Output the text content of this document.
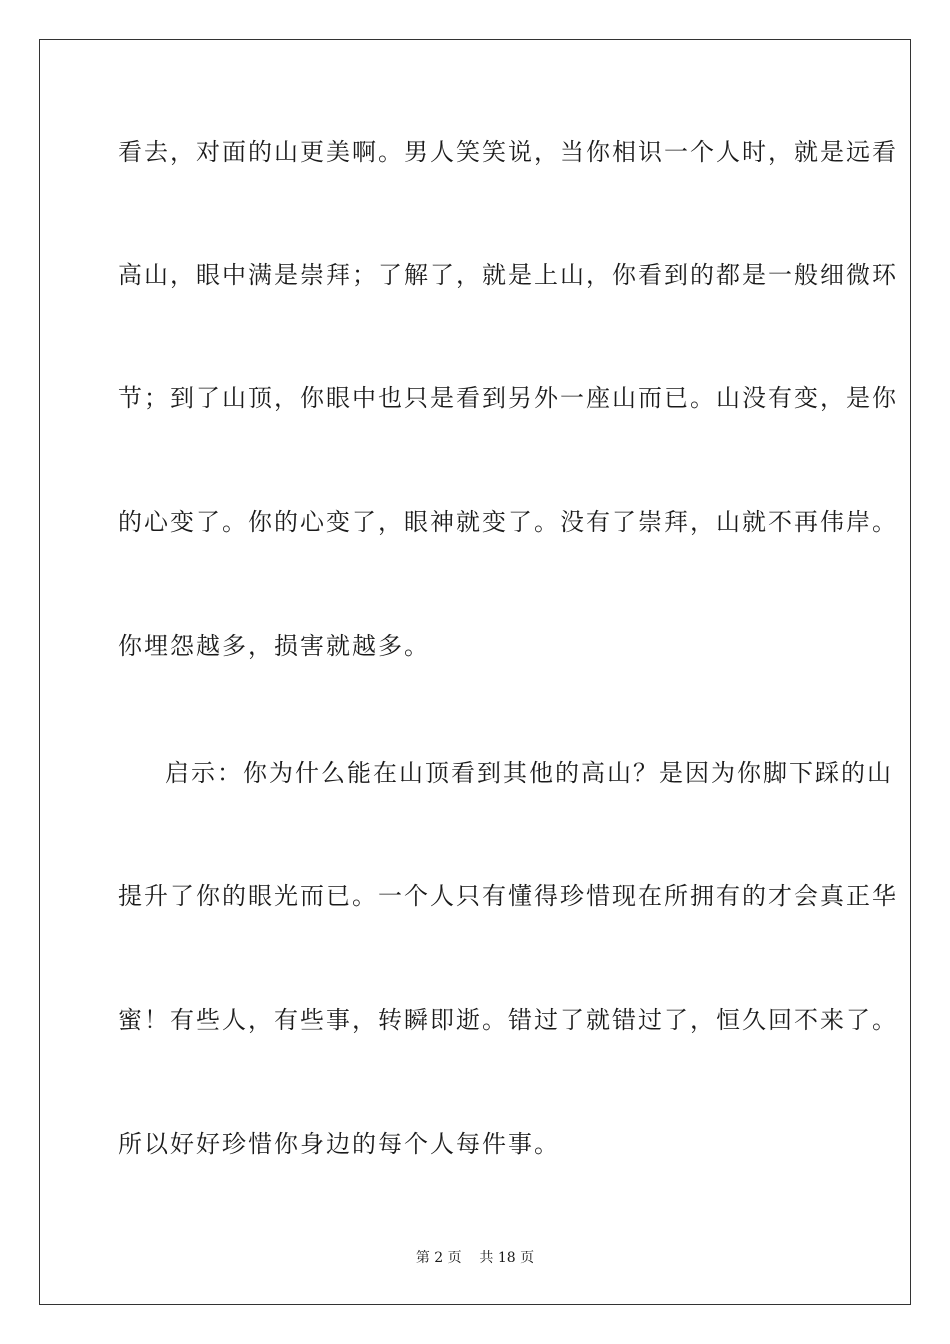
看去，对面的山更美啊。男人笑笑说，当你相识一个人时，就是远看
高山，眼中满是崇拜；了解了，就是上山，你看到的都是一般细微环
节；到了山顶，你眼中也只是看到另外一座山而已。山没有变，是你
的心变了。你的心变了，眼神就变了。没有了崇拜，山就不再伟岸。
你埋怨越多，损害就越多。
启示：你为什么能在山顶看到其他的高山？是因为你脚下踩的山
提升了你的眼光而已。一个人只有懂得珍惜现在所拥有的才会真正华
蜜！有些人，有些事，转瞬即逝。错过了就错过了，恒久回不来了。
所以好好珍惜你身边的每个人每件事。
第 2 页    共 18 页
